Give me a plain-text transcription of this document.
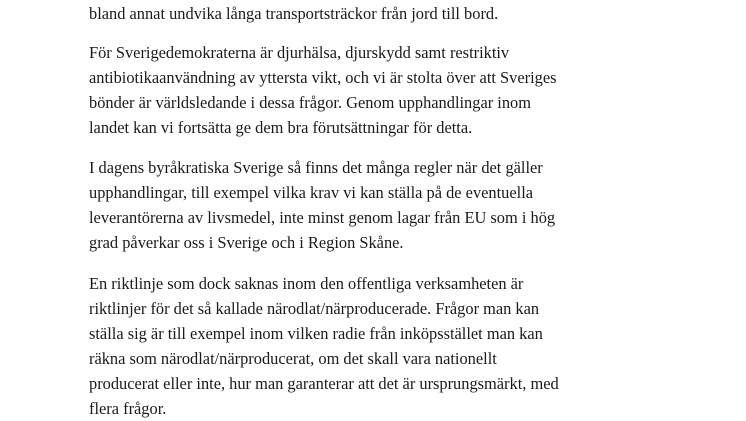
bland annat undvika långa transportsträckor från jord till bord.

För Sverigedemokraterna är djurhälsa, djurskydd samt restriktiv
antibiotikaanvändning av yttersta vikt, och vi är stolta över att Sveriges
bönder är världsledande i dessa frågor. Genom upphandlingar inom
landet kan vi fortsätta ge dem bra förutsättningar för detta.

I dagens byråkratiska Sverige så finns det många regler när det gäller
upphandlingar, till exempel vilka krav vi kan ställa på de eventuella
leverantörerna av livsmedel, inte minst genom lagar från EU som i hög
grad påverkar oss i Sverige och i Region Skåne.

En riktlinje som dock saknas inom den offentliga verksamheten är
riktlinjer för det så kallade närodlat/närproducerade. Frågor man kan
ställa sig är till exempel inom vilken radie från inköpsstället man kan
räkna som närodlat/närproducerat, om det skall vara nationellt
producerat eller inte, hur man garanterar att det är ursprungsmärkt, med
flera frågor.
